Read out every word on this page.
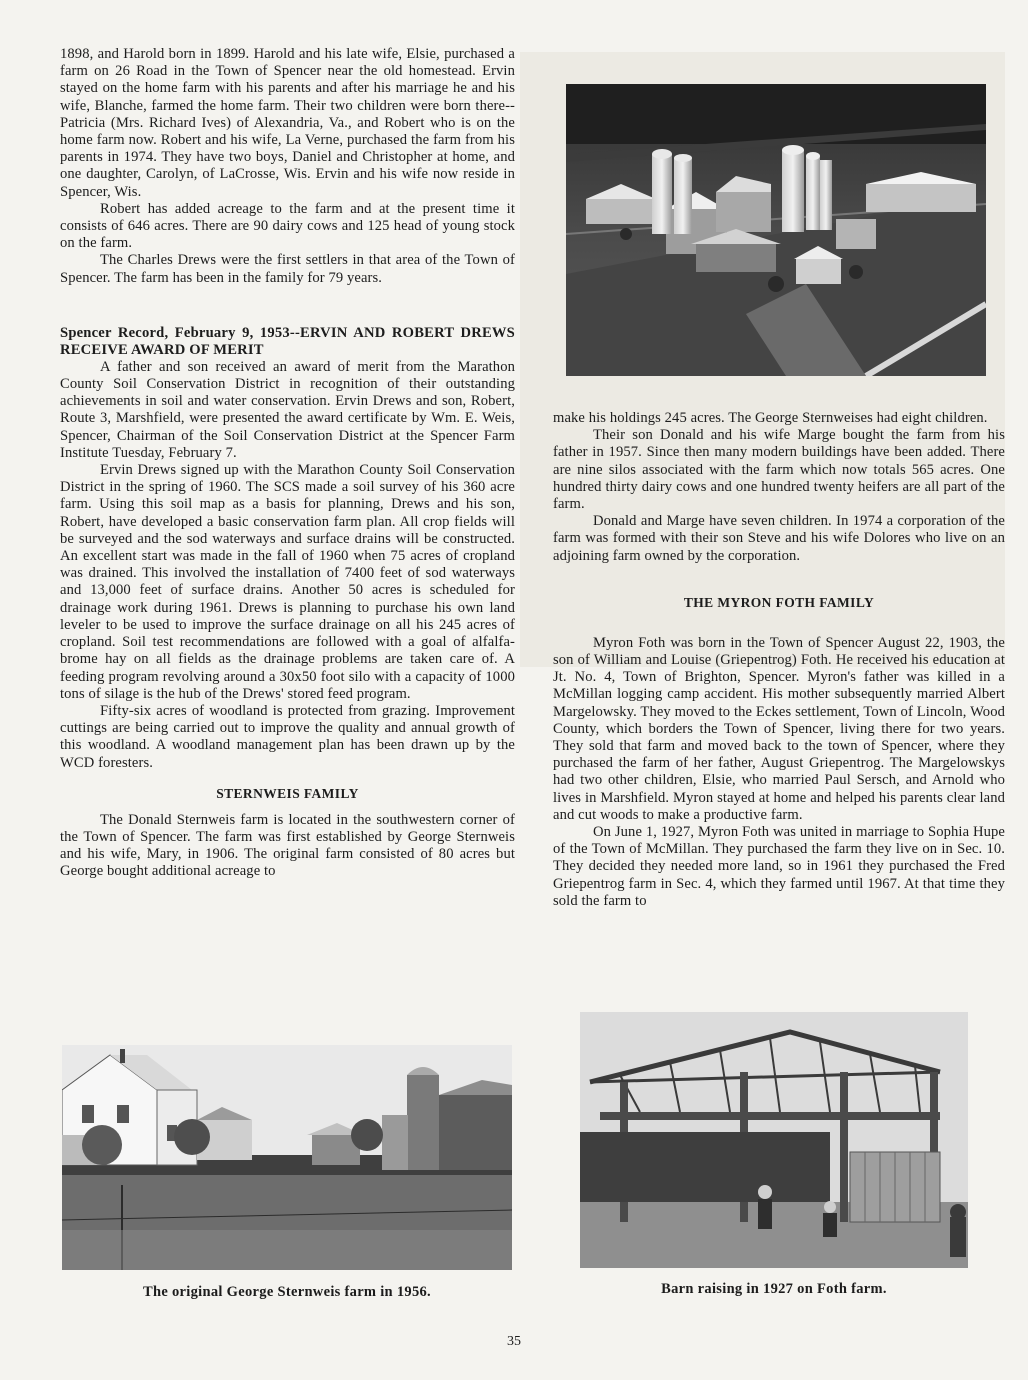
1898, and Harold born in 1899. Harold and his late wife, Elsie, purchased a farm on 26 Road in the Town of Spencer near the old homestead. Ervin stayed on the home farm with his parents and after his marriage he and his wife, Blanche, farmed the home farm. Their two children were born there--Patricia (Mrs. Richard Ives) of Alexandria, Va., and Robert who is on the home farm now. Robert and his wife, La Verne, purchased the farm from his parents in 1974. They have two boys, Daniel and Christopher at home, and one daughter, Carolyn, of LaCrosse, Wis. Ervin and his wife now reside in Spencer, Wis.

Robert has added acreage to the farm and at the present time it consists of 646 acres. There are 90 dairy cows and 125 head of young stock on the farm.

The Charles Drews were the first settlers in that area of the Town of Spencer. The farm has been in the family for 79 years.

Spencer Record, February 9, 1953--ERVIN AND ROBERT DREWS RECEIVE AWARD OF MERIT

A father and son received an award of merit from the Marathon County Soil Conservation District in recognition of their outstanding achievements in soil and water conservation. Ervin Drews and son, Robert, Route 3, Marshfield, were presented the award certificate by Wm. E. Weis, Spencer, Chairman of the Soil Conservation District at the Spencer Farm Institute Tuesday, February 7.

Ervin Drews signed up with the Marathon County Soil Conservation District in the spring of 1960. The SCS made a soil survey of his 360 acre farm. Using this soil map as a basis for planning, Drews and his son, Robert, have developed a basic conservation farm plan. All crop fields will be surveyed and the sod waterways and surface drains will be constructed. An excellent start was made in the fall of 1960 when 75 acres of cropland was drained. This involved the installation of 7400 feet of sod waterways and 13,000 feet of surface drains. Another 50 acres is scheduled for drainage work during 1961. Drews is planning to purchase his own land leveler to be used to improve the surface drainage on all his 245 acres of cropland. Soil test recommendations are followed with a goal of alfalfa-brome hay on all fields as the drainage problems are taken care of. A feeding program revolving around a 30x50 foot silo with a capacity of 1000 tons of silage is the hub of the Drews' stored feed program.

Fifty-six acres of woodland is protected from grazing. Improvement cuttings are being carried out to improve the quality and annual growth of this woodland. A woodland management plan has been drawn up by the WCD foresters.

STERNWEIS FAMILY

The Donald Sternweis farm is located in the southwestern corner of the Town of Spencer. The farm was first established by George Sternweis and his wife, Mary, in 1906. The original farm consisted of 80 acres but George bought additional acreage to

make his holdings 245 acres. The George Sternweises had eight children.

Their son Donald and his wife Marge bought the farm from his father in 1957. Since then many modern buildings have been added. There are nine silos associated with the farm which now totals 565 acres. One hundred thirty dairy cows and one hundred twenty heifers are all part of the farm.

Donald and Marge have seven children. In 1974 a corporation of the farm was formed with their son Steve and his wife Dolores who live on an adjoining farm owned by the corporation.

THE MYRON FOTH FAMILY

Myron Foth was born in the Town of Spencer August 22, 1903, the son of William and Louise (Griepentrog) Foth. He received his education at Jt. No. 4, Town of Brighton, Spencer. Myron's father was killed in a McMillan logging camp accident. His mother subsequently married Albert Margelowsky. They moved to the Eckes settlement, Town of Lincoln, Wood County, which borders the Town of Spencer, living there for two years. They sold that farm and moved back to the town of Spencer, where they purchased the farm of her father, August Griepentrog. The Margelowskys had two other children, Elsie, who married Paul Sersch, and Arnold who lives in Marshfield. Myron stayed at home and helped his parents clear land and cut woods to make a productive farm.

On June 1, 1927, Myron Foth was united in marriage to Sophia Hupe of the Town of McMillan. They purchased the farm they live on in Sec. 10. They decided they needed more land, so in 1961 they purchased the Fred Griepentrog farm in Sec. 4, which they farmed until 1967. At that time they sold the farm to

The original George Sternweis farm in 1956.	Barn raising in 1927 on Foth farm.
35
